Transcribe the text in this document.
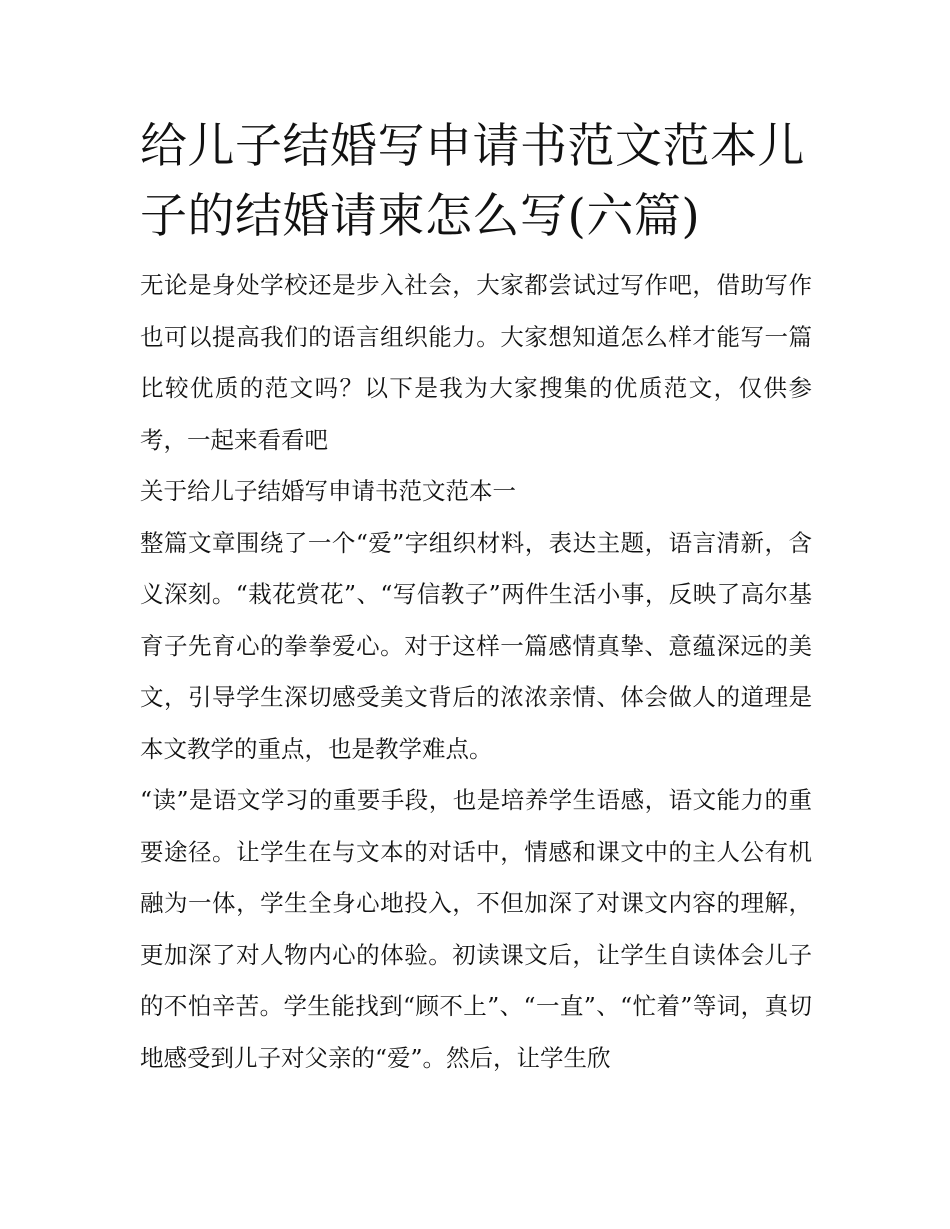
给儿子结婚写申请书范文范本儿子的结婚请柬怎么写(六篇)

无论是身处学校还是步入社会，大家都尝试过写作吧，借助写作也可以提高我们的语言组织能力。大家想知道怎么样才能写一篇比较优质的范文吗？以下是我为大家搜集的优质范文，仅供参考，一起来看看吧

关于给儿子结婚写申请书范文范本一

整篇文章围绕了一个“爱”字组织材料，表达主题，语言清新，含义深刻。“栽花赏花”、“写信教子”两件生活小事，反映了高尔基育子先育心的拳拳爱心。对于这样一篇感情真挚、意蕴深远的美文，引导学生深切感受美文背后的浓浓亲情、体会做人的道理是本文教学的重点，也是教学难点。

“读”是语文学习的重要手段，也是培养学生语感，语文能力的重要途径。让学生在与文本的对话中，情感和课文中的主人公有机融为一体，学生全身心地投入，不但加深了对课文内容的理解，更加深了对人物内心的体验。初读课文后，让学生自读体会儿子的不怕辛苦。学生能找到“顾不上”、“一直”、“忙着”等词，真切地感受到儿子对父亲的“爱”。然后，让学生欣
